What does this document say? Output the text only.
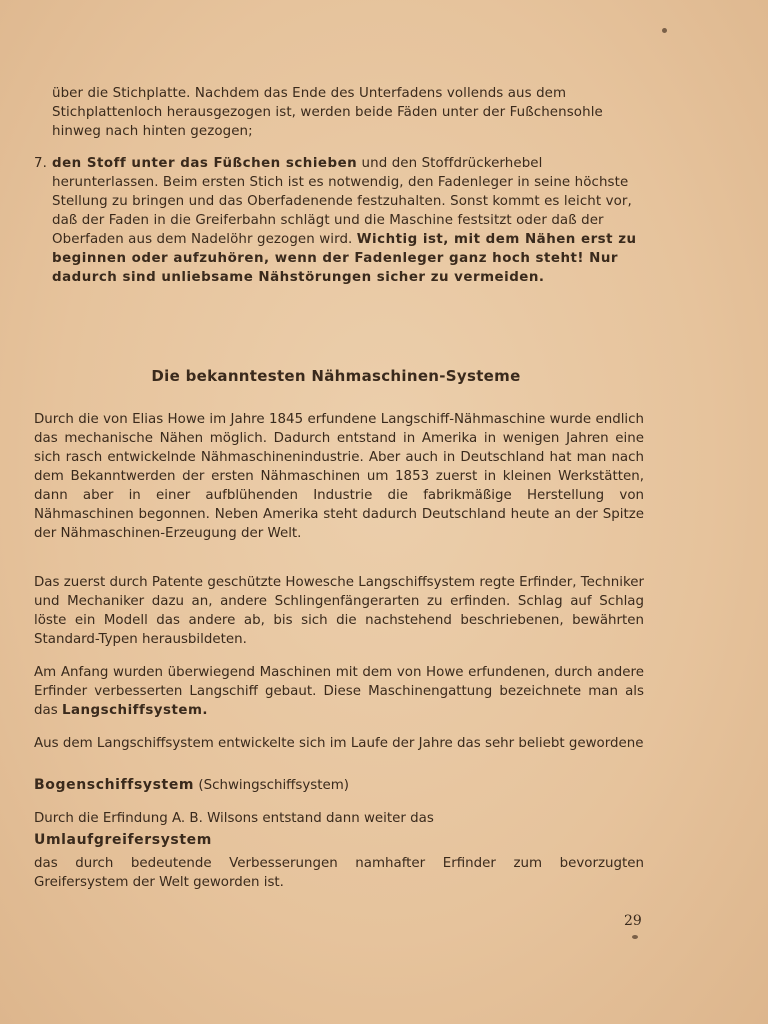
über die Stichplatte. Nachdem das Ende des Unterfadens vollends aus dem Stichplattenloch herausgezogen ist, werden beide Fäden unter der Fußchensohle hinweg nach hinten gezogen;
7. den Stoff unter das Füßchen schieben und den Stoffdrückerhebel herunterlassen. Beim ersten Stich ist es notwendig, den Fadenleger in seine höchste Stellung zu bringen und das Oberfadenende festzuhalten. Sonst kommt es leicht vor, daß der Faden in die Greiferbahn schlägt und die Maschine festsitzt oder daß der Oberfaden aus dem Nadelöhr gezogen wird. Wichtig ist, mit dem Nähen erst zu beginnen oder aufzuhören, wenn der Fadenleger ganz hoch steht! Nur dadurch sind unliebsame Nähstörungen sicher zu vermeiden.
Die bekanntesten Nähmaschinen-Systeme
Durch die von Elias Howe im Jahre 1845 erfundene Langschiff-Nähmaschine wurde endlich das mechanische Nähen möglich. Dadurch entstand in Amerika in wenigen Jahren eine sich rasch entwickelnde Nähmaschinenindustrie. Aber auch in Deutschland hat man nach dem Bekanntwerden der ersten Nähmaschinen um 1853 zuerst in kleinen Werkstätten, dann aber in einer aufblühenden Industrie die fabrikmäßige Herstellung von Nähmaschinen begonnen. Neben Amerika steht dadurch Deutschland heute an der Spitze der Nähmaschinen-Erzeugung der Welt.
Das zuerst durch Patente geschützte Howesche Langschiffsystem regte Erfinder, Techniker und Mechaniker dazu an, andere Schlingenfängerarten zu erfinden. Schlag auf Schlag löste ein Modell das andere ab, bis sich die nachstehend beschriebenen, bewährten Standard-Typen herausbildeten.
Am Anfang wurden überwiegend Maschinen mit dem von Howe erfundenen, durch andere Erfinder verbesserten Langschiff gebaut. Diese Maschinengattung bezeichnete man als das Langschiffsystem.
Aus dem Langschiffsystem entwickelte sich im Laufe der Jahre das sehr beliebt gewordene
Bogenschiffsystem (Schwingschiffsystem)
Durch die Erfindung A. B. Wilsons entstand dann weiter das
Umlaufgreifersystem
das durch bedeutende Verbesserungen namhafter Erfinder zum bevorzugten Greifersystem der Welt geworden ist.
29
